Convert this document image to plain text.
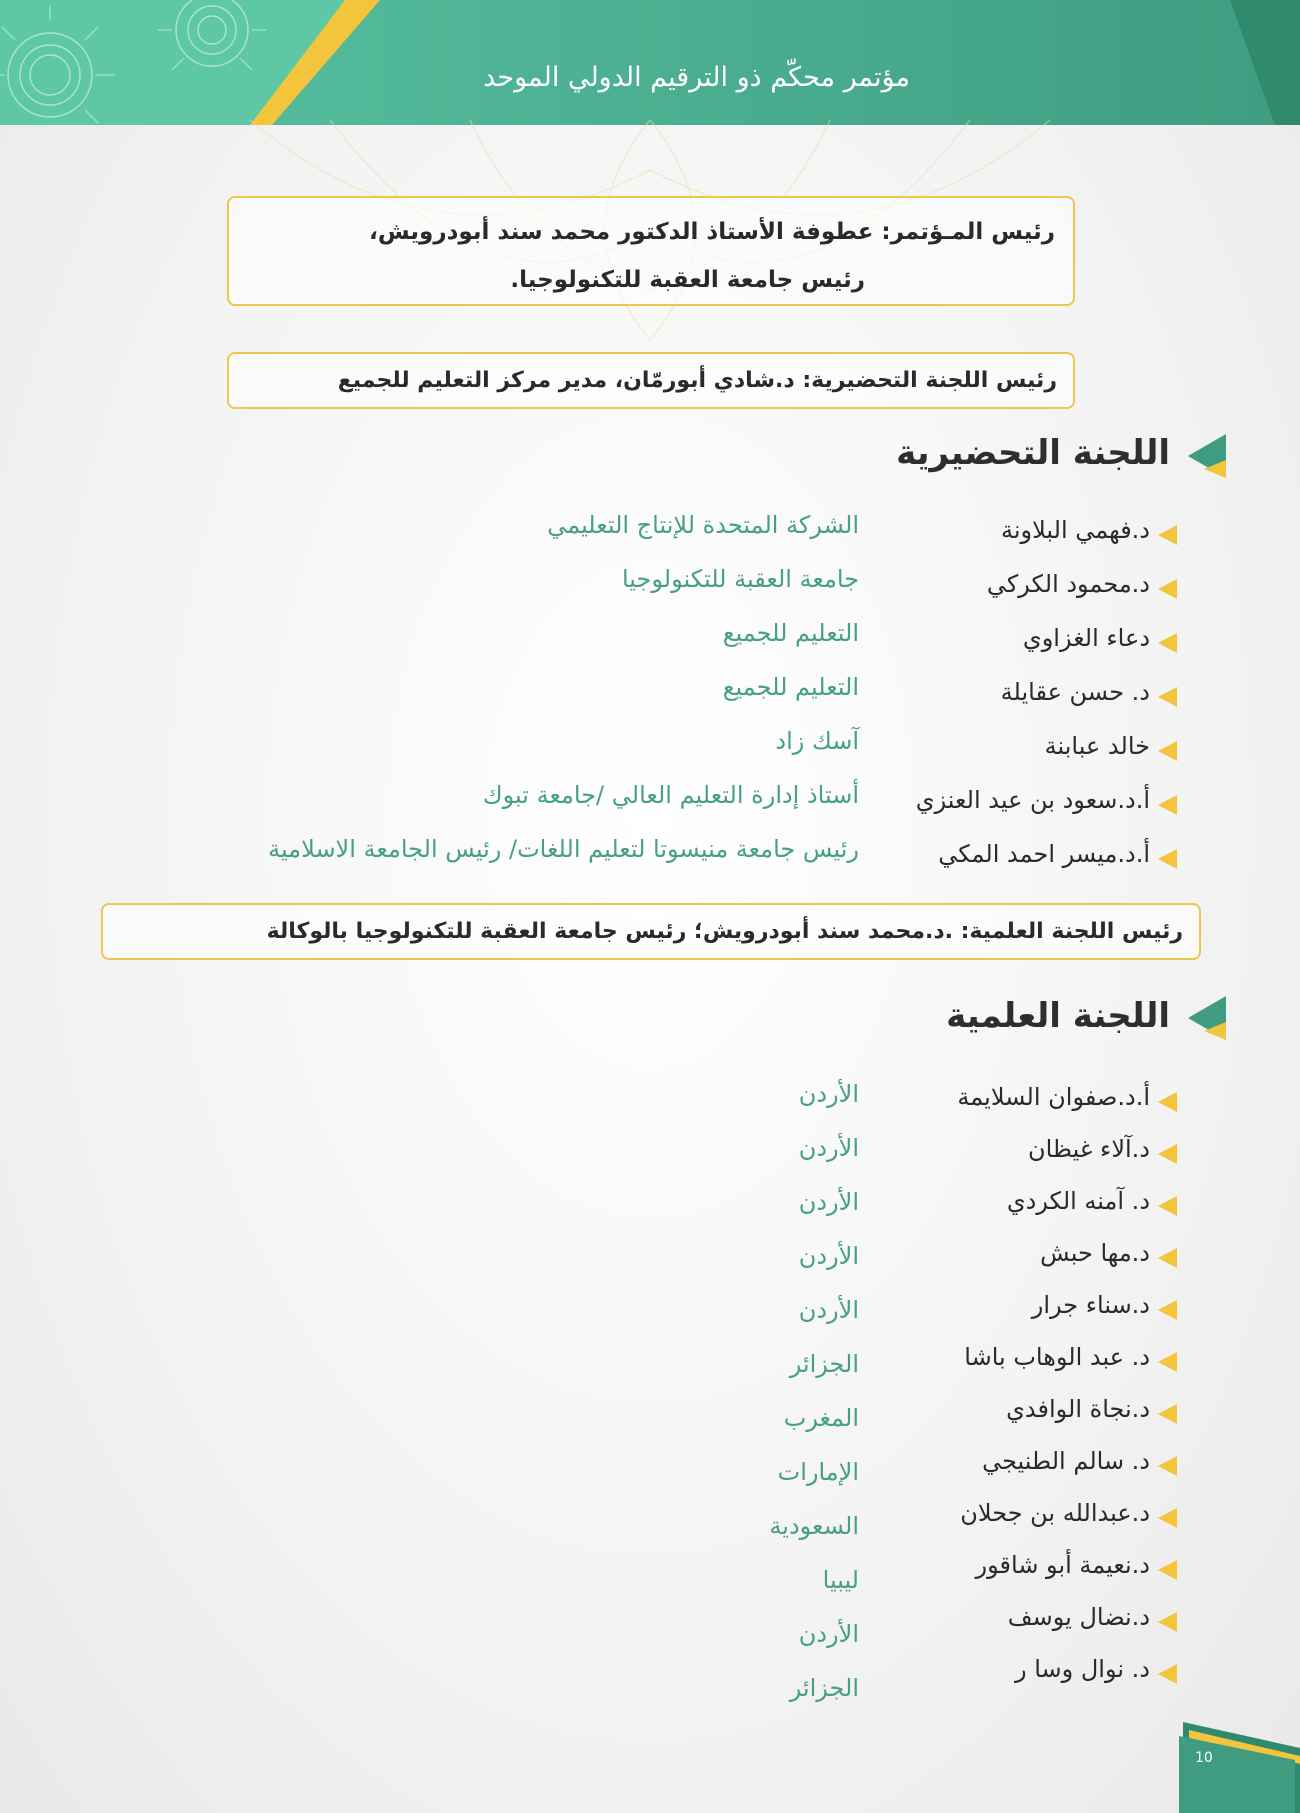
مؤتمر محكّم ذو الترقيم الدولي الموحد
رئيس المـؤتمر: عطوفة الأستاذ الدكتور محمد سند أبودرويش،
رئيس جامعة العقبة للتكنولوجيا.
رئيس اللجنة التحضيرية: د.شادي أبورمّان، مدير مركز التعليم للجميع
اللجنة التحضيرية
د.فهمي البلاونة
الشركة المتحدة للإنتاج التعليمي
د.محمود الكركي
جامعة العقبة للتكنولوجيا
دعاء الغزاوي
التعليم للجميع
د. حسن عقايلة
التعليم للجميع
خالد عبابنة
آسك زاد
أ.د.سعود بن عيد العنزي
أستاذ إدارة التعليم العالي /جامعة تبوك
أ.د.ميسر احمد المكي
رئيس جامعة منيسوتا لتعليم اللغات/ رئيس الجامعة الاسلامية
رئيس اللجنة العلمية: .د.محمد سند أبودرويش؛ رئيس جامعة العقبة للتكنولوجيا بالوكالة
اللجنة العلمية
أ.د.صفوان السلايمة
د.آلاء غيظان
د. آمنه الكردي
د.مها حبش
د.سناء جرار
د. عبد الوهاب باشا
د.نجاة الوافدي
د. سالم الطنيجي
د.عبدالله بن جحلان
د.نعيمة أبو شاقور
د.نضال يوسف
د. نوال وسا ر
الأردن
الأردن
الأردن
الأردن
الأردن
الجزائر
المغرب
الإمارات
السعودية
ليبيا
الأردن
الجزائر
10
